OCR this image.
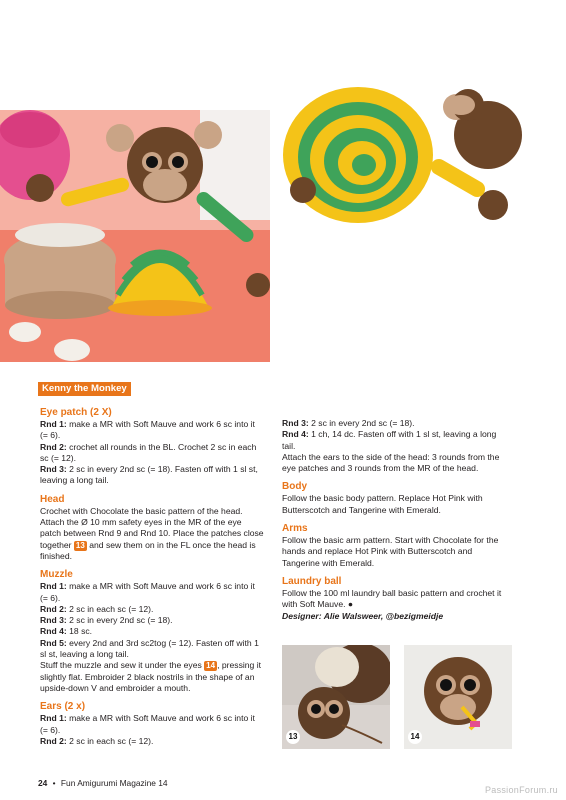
Kenny the Monkey
Eye patch (2 X)

Rnd 1: make a MR with Soft Mauve and work 6 sc into it (= 6).

Rnd 2: crochet all rounds in the BL. Crochet 2 sc in each sc (= 12).

Rnd 3: 2 sc in every 2nd sc (= 18). Fasten off with 1 sl st, leaving a long tail.

Head

Crochet with Chocolate the basic pattern of the head. Attach the Ø 10 mm safety eyes in the MR of the eye patch between Rnd 9 and Rnd 10. Place the patches close together 13 and sew them on in the FL once the head is finished.

Muzzle

Rnd 1: make a MR with Soft Mauve and work 6 sc into it (= 6).

Rnd 2: 2 sc in each sc (= 12).

Rnd 3: 2 sc in every 2nd sc (= 18).

Rnd 4: 18 sc.

Rnd 5: every 2nd and 3rd sc2tog (= 12). Fasten off with 1 sl st, leaving a long tail.

Stuff the muzzle and sew it under the eyes 14 , pressing it slightly flat. Embroider 2 black nostrils in the shape of an upside-down V and embroider a mouth.

Ears (2 x)

Rnd 1: make a MR with Soft Mauve and work 6 sc into it (= 6).

Rnd 2: 2 sc in each sc (= 12).

Rnd 3: 2 sc in every 2nd sc (= 18).

Rnd 4: 1 ch, 14 dc. Fasten off with 1 sl st, leaving a long tail.

Attach the ears to the side of the head: 3 rounds from the eye patches and 3 rounds from the MR of the head.

Body

Follow the basic body pattern. Replace Hot Pink with Butterscotch and Tangerine with Emerald.

Arms

Follow the basic arm pattern. Start with Chocolate for the hands and replace Hot Pink with Butterscotch and Tangerine with Emerald.

Laundry ball

Follow the 100 ml laundry ball basic pattern and crochet it with Soft Mauve. ●

Designer: Alie Walsweer, @bezigmeidje

13	14
24 • Fun Amigurumi Magazine 14
PassionForum.ru
